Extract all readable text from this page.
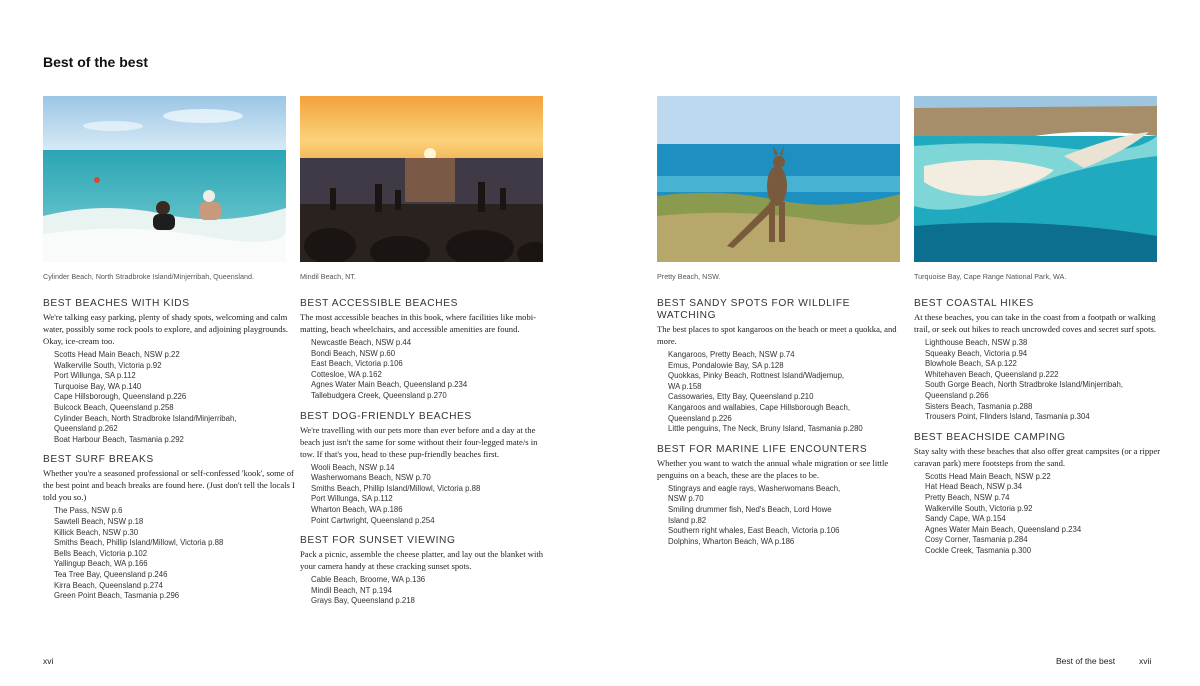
Best of the best
Cylinder Beach, North Stradbroke Island/Minjerribah, Queensland.	Mindil Beach, NT.	Pretty Beach, NSW.	Turquoise Bay, Cape Range National Park, WA.
BEST BEACHES WITH KIDS

We're talking easy parking, plenty of shady spots, welcoming and calm water, possibly some rock pools to explore, and adjoining playgrounds. Okay, ice-cream too.

Scotts Head Main Beach, NSW p.22
Walkerville South, Victoria p.92
Port Willunga, SA p.112
Turquoise Bay, WA p.140
Cape Hillsborough, Queensland p.226
Bulcock Beach, Queensland p.258
Cylinder Beach, North Stradbroke Island/Minjerribah,
Queensland p.262
Boat Harbour Beach, Tasmania p.292
BEST SURF BREAKS

Whether you're a seasoned professional or self-confessed 'kook', some of the best point and beach breaks are found here. (Just don't tell the locals I told you so.)

The Pass, NSW p.6
Sawtell Beach, NSW p.18
Killick Beach, NSW p.30
Smiths Beach, Phillip Island/Millowl, Victoria p.88
Bells Beach, Victoria p.102
Yallingup Beach, WA p.166
Tea Tree Bay, Queensland p.246
Kirra Beach, Queensland p.274
Green Point Beach, Tasmania p.296
BEST ACCESSIBLE BEACHES

The most accessible beaches in this book, where facilities like mobi-matting, beach wheelchairs, and accessible amenities are found.

Newcastle Beach, NSW p.44
Bondi Beach, NSW p.60
East Beach, Victoria p.106
Cottesloe, WA p.162
Agnes Water Main Beach, Queensland p.234
Tallebudgera Creek, Queensland p.270
BEST DOG-FRIENDLY BEACHES

We're travelling with our pets more than ever before and a day at the beach just isn't the same for some without their four-legged mate/s in tow. If that's you, head to these pup-friendly beaches first.

Wooli Beach, NSW p.14
Washerwomans Beach, NSW p.70
Smiths Beach, Phillip Island/Millowl, Victoria p.88
Port Willunga, SA p.112
Wharton Beach, WA p.186
Point Cartwright, Queensland p.254
BEST FOR SUNSET VIEWING

Pack a picnic, assemble the cheese platter, and lay out the blanket with your camera handy at these cracking sunset spots.

Cable Beach, Broome, WA p.136
Mindil Beach, NT p.194
Grays Bay, Queensland p.218
BEST SANDY SPOTS FOR WILDLIFE WATCHING

The best places to spot kangaroos on the beach or meet a quokka, and more.

Kangaroos, Pretty Beach, NSW p.74
Emus, Pondalowie Bay, SA p.128
Quokkas, Pinky Beach, Rottnest Island/Wadjemup,
WA p.158
Cassowaries, Etty Bay, Queensland p.210
Kangaroos and wallabies, Cape Hillsborough Beach,
Queensland p.226
Little penguins, The Neck, Bruny Island, Tasmania p.280
BEST FOR MARINE LIFE ENCOUNTERS

Whether you want to watch the annual whale migration or see little penguins on a beach, these are the places to be.

Stingrays and eagle rays, Washerwomans Beach,
NSW p.70
Smiling drummer fish, Ned's Beach, Lord Howe
Island p.82
Southern right whales, East Beach, Victoria p.106
Dolphins, Wharton Beach, WA p.186
BEST COASTAL HIKES

At these beaches, you can take in the coast from a footpath or walking trail, or seek out hikes to reach uncrowded coves and secret surf spots.

Lighthouse Beach, NSW p.38
Squeaky Beach, Victoria p.94
Blowhole Beach, SA p.122
Whitehaven Beach, Queensland p.222
South Gorge Beach, North Stradbroke Island/Minjerribah,
Queensland p.266
Sisters Beach, Tasmania p.288
Trousers Point, Flinders Island, Tasmania p.304
BEST BEACHSIDE CAMPING

Stay salty with these beaches that also offer great campsites (or a ripper caravan park) mere footsteps from the sand.

Scotts Head Main Beach, NSW p.22
Hat Head Beach, NSW p.34
Pretty Beach, NSW p.74
Walkerville South, Victoria p.92
Sandy Cape, WA p.154
Agnes Water Main Beach, Queensland p.234
Cosy Corner, Tasmania p.284
Cockle Creek, Tasmania p.300
xvi	Best of the best	xvii
